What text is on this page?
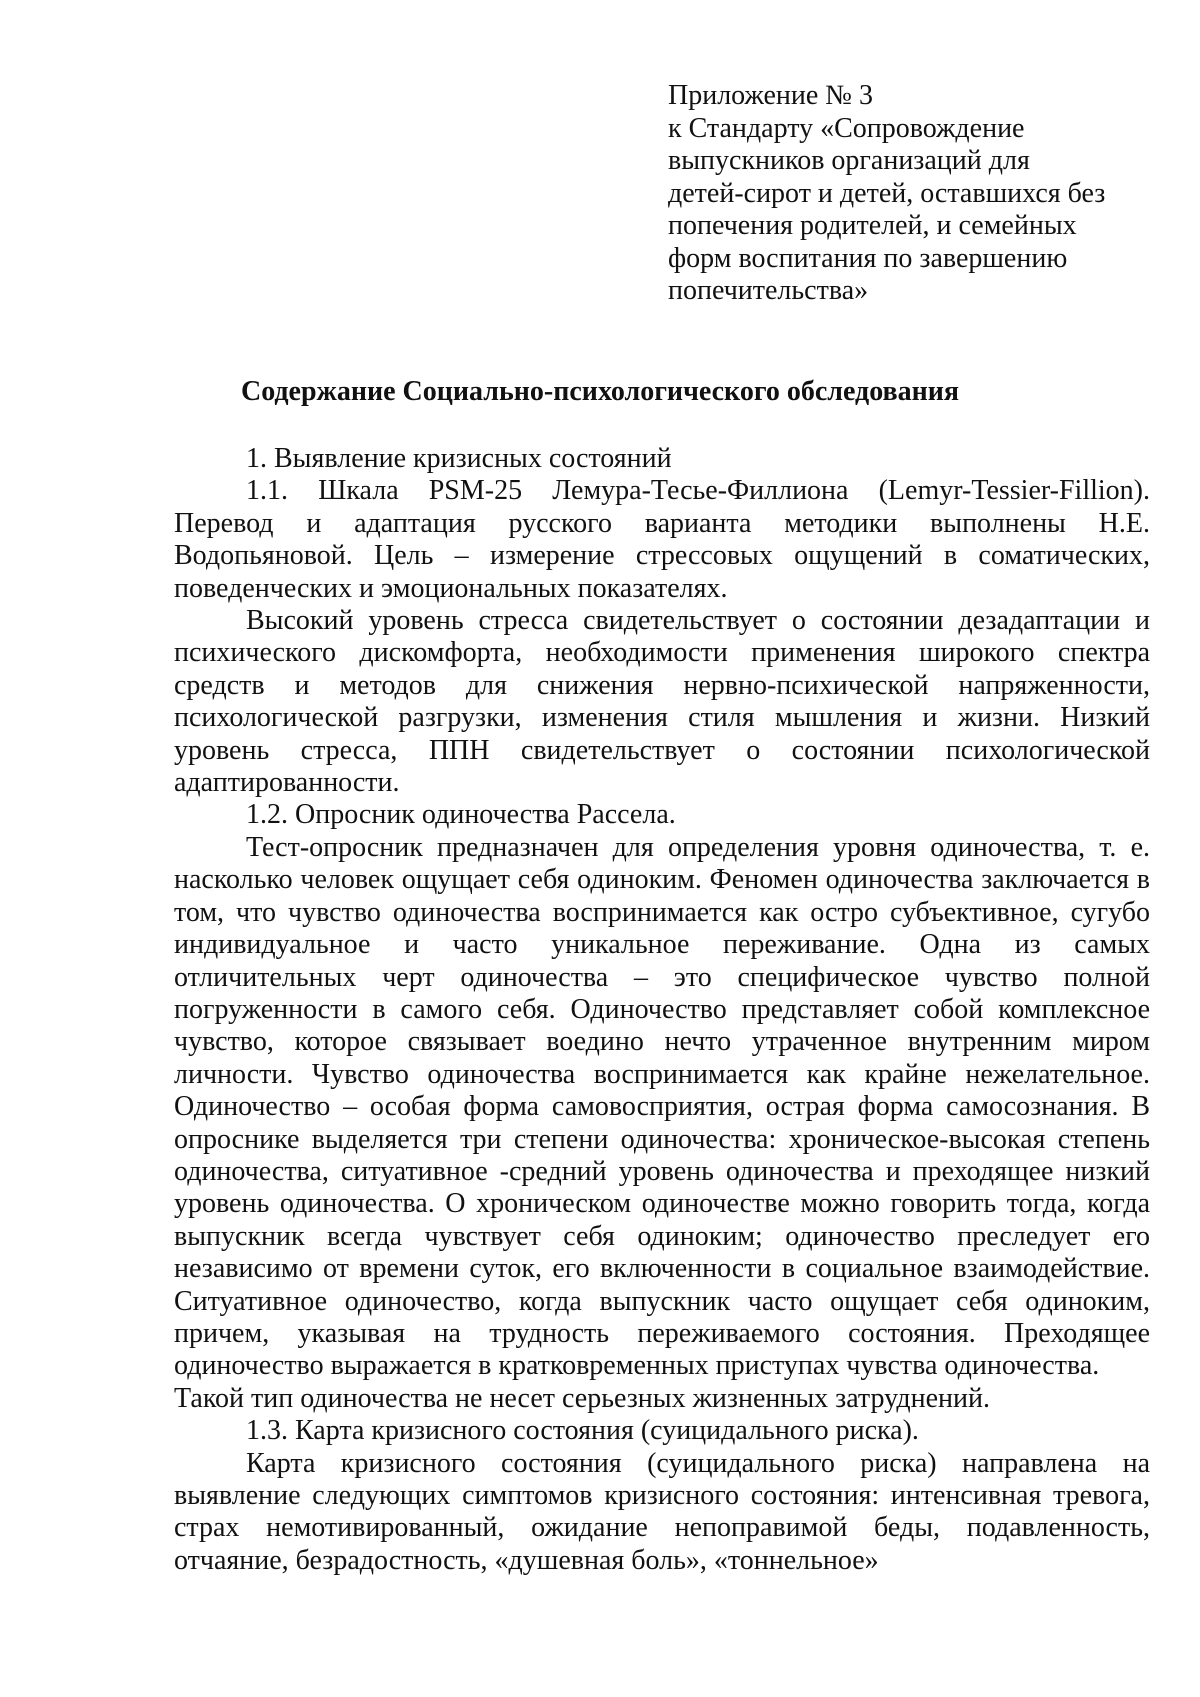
Приложение № 3
к Стандарту «Сопровождение
выпускников организаций для
детей-сирот и детей, оставшихся без
попечения родителей, и семейных
форм воспитания по завершению
попечительства»
Содержание Социально-психологического обследования

1. Выявление кризисных состояний

1.1. Шкала PSM-25 Лемура-Тесье-Филлиона (Lemyr-Tessier-Fillion). Перевод и адаптация русского варианта методики выполнены Н.Е. Водопьяновой. Цель – измерение стрессовых ощущений в соматических, поведенческих и эмоциональных показателях.

Высокий уровень стресса свидетельствует о состоянии дезадаптации и психического дискомфорта, необходимости применения широкого спектра средств и методов для снижения нервно-психической напряженности, психологической разгрузки, изменения стиля мышления и жизни. Низкий уровень стресса, ППН свидетельствует о состоянии психологической адаптированности.

1.2. Опросник одиночества Рассела.

Тест-опросник предназначен для определения уровня одиночества, т. е. насколько человек ощущает себя одиноким. Феномен одиночества заключается в том, что чувство одиночества воспринимается как остро субъективное, сугубо индивидуальное и часто уникальное переживание. Одна из самых отличительных черт одиночества – это специфическое чувство полной погруженности в самого себя. Одиночество представляет собой комплексное чувство, которое связывает воедино нечто утраченное внутренним миром личности. Чувство одиночества воспринимается как крайне нежелательное. Одиночество – особая форма самовосприятия, острая форма самосознания. В опроснике выделяется три степени одиночества: хроническое-высокая степень одиночества, ситуативное -средний уровень одиночества и преходящее низкий уровень одиночества. О хроническом одиночестве можно говорить тогда, когда выпускник всегда чувствует себя одиноким; одиночество преследует его независимо от времени суток, его включенности в социальное взаимодействие. Ситуативное одиночество, когда выпускник часто ощущает себя одиноким, причем, указывая на трудность переживаемого состояния. Преходящее одиночество выражается в кратковременных приступах чувства одиночества.

Такой тип одиночества не несет серьезных жизненных затруднений.

1.3. Карта кризисного состояния (суицидального риска).

Карта кризисного состояния (суицидального риска) направлена на выявление следующих симптомов кризисного состояния: интенсивная тревога, страх немотивированный, ожидание непоправимой беды, подавленность, отчаяние, безрадостность, «душевная боль», «тоннельное»
